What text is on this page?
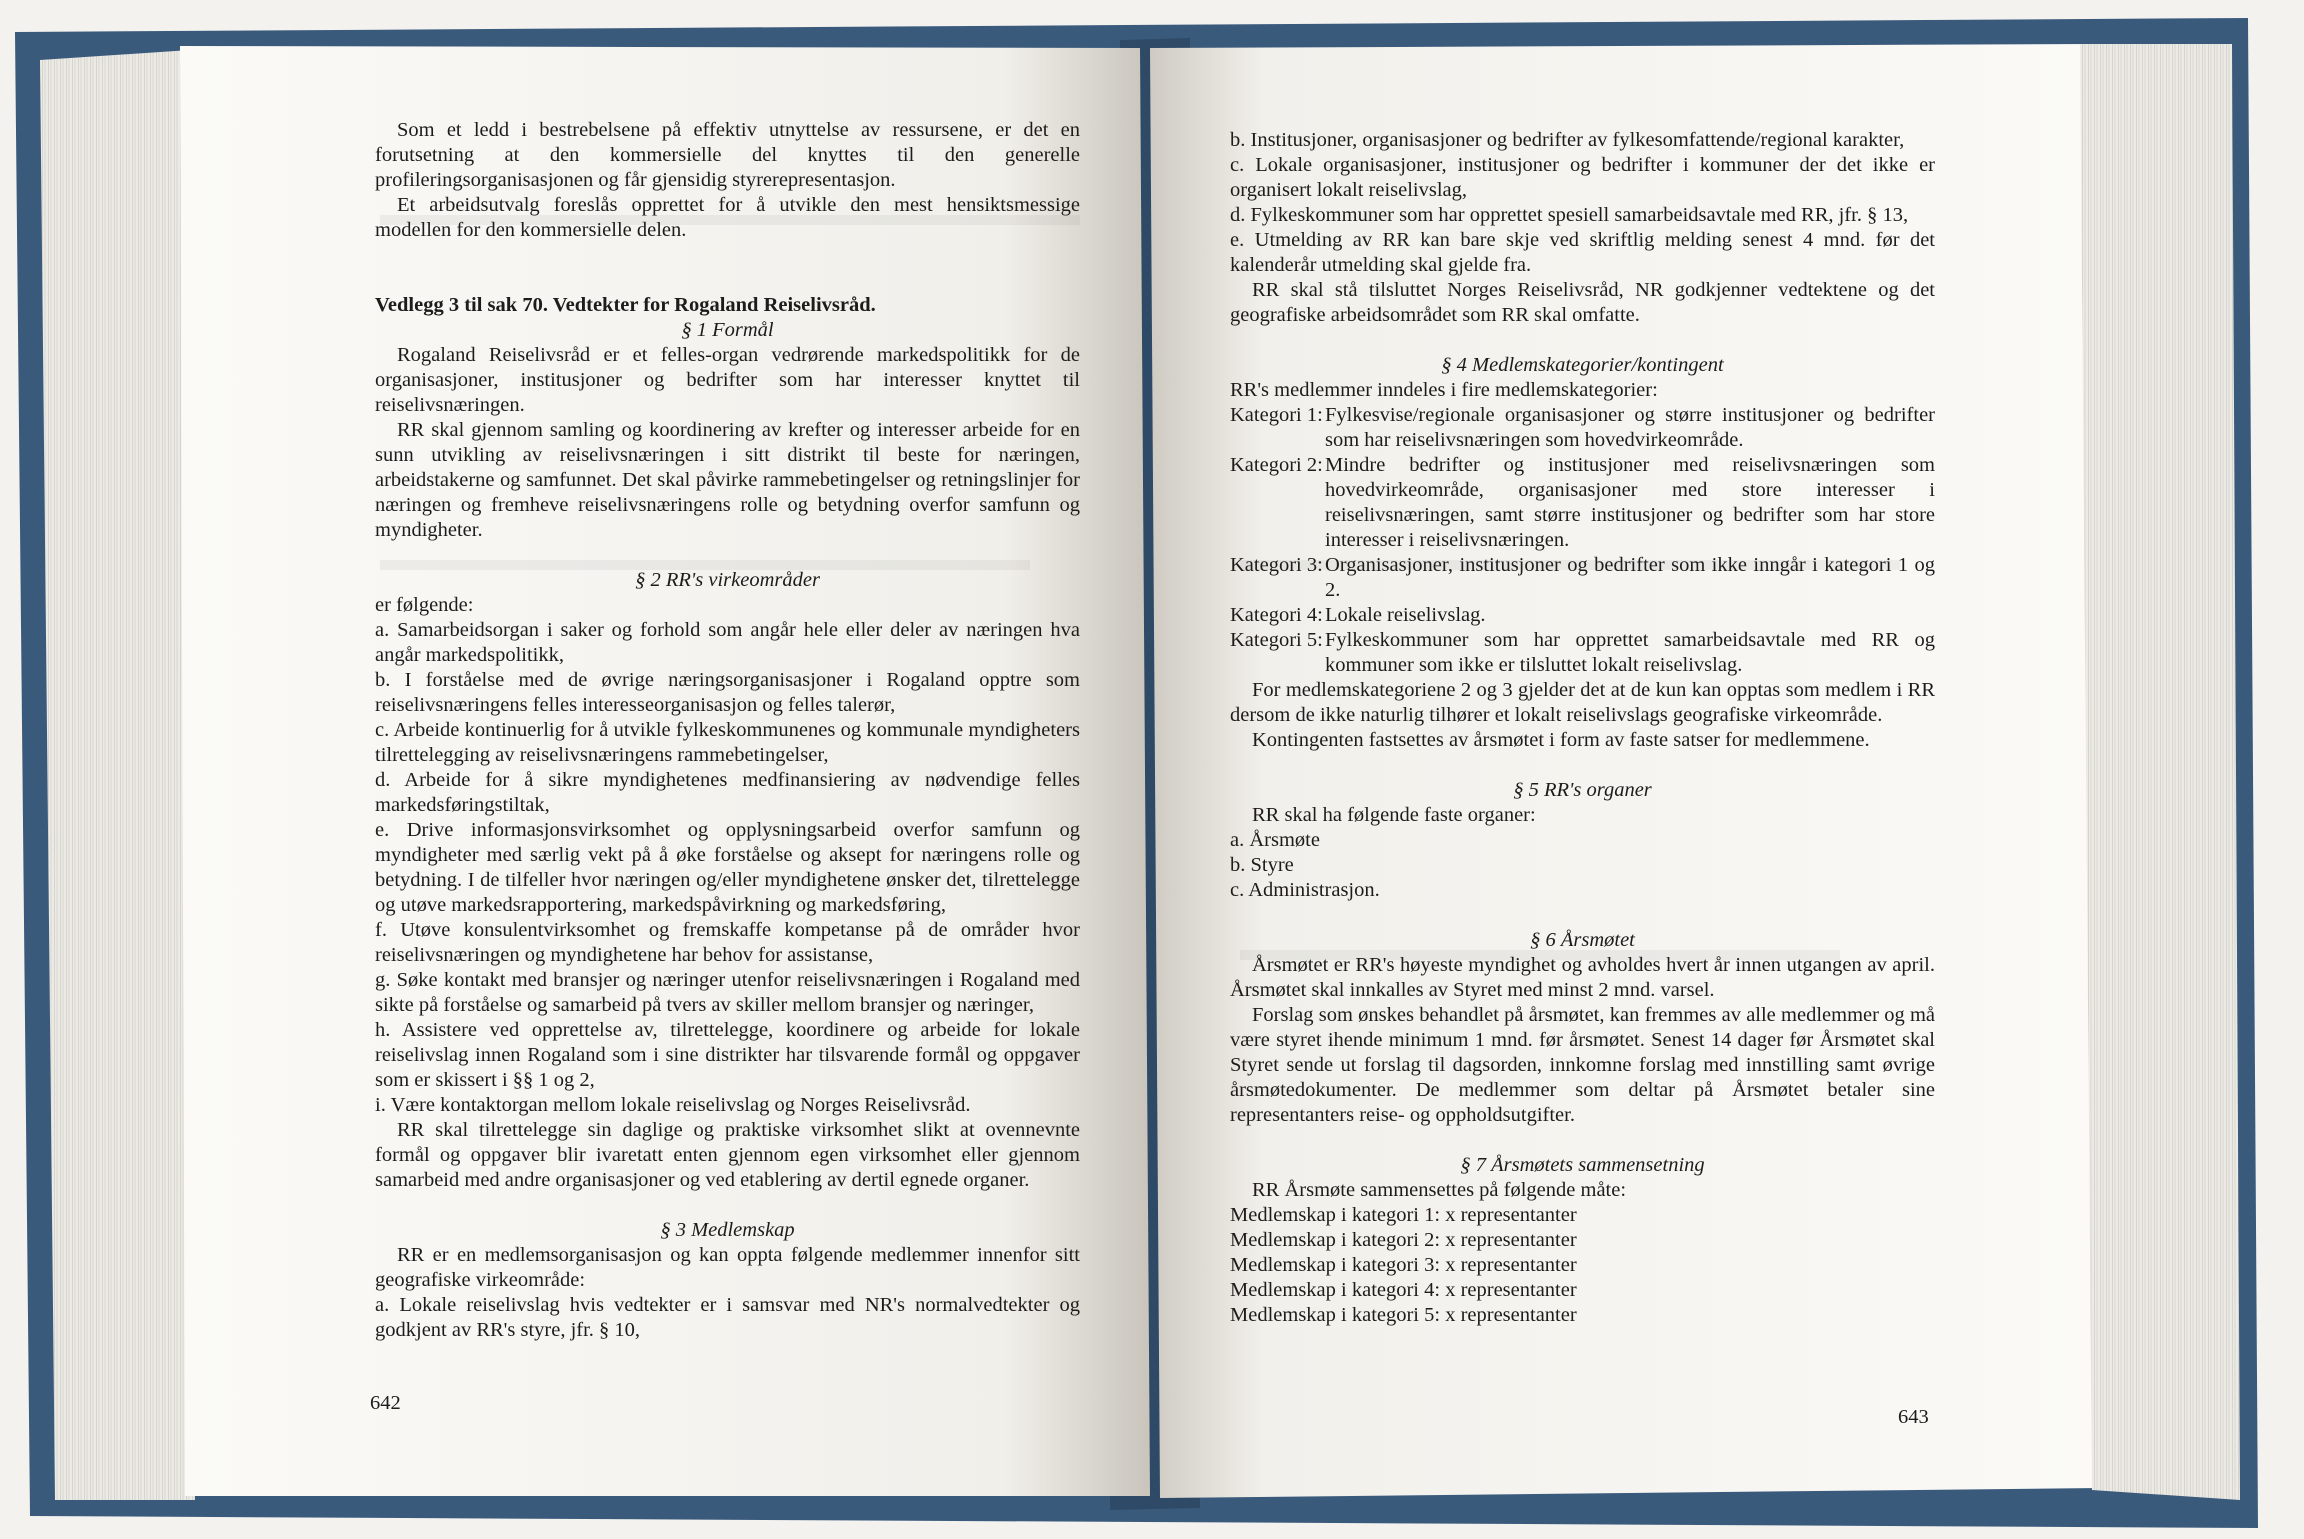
Som et ledd i bestrebelsene på effektiv utnyttelse av ressursene, er det en forutsetning at den kommersielle del knyttes til den generelle profileringsorganisasjonen og får gjensidig styrerepresentasjon.

Et arbeidsutvalg foreslås opprettet for å utvikle den mest hensiktsmessige modellen for den kommersielle delen.

Vedlegg 3 til sak 70. Vedtekter for Rogaland Reiselivsråd.
§ 1 Formål

Rogaland Reiselivsråd er et felles-organ vedrørende markedspolitikk for de organisasjoner, institusjoner og bedrifter som har interesser knyttet til reiselivsnæringen.

RR skal gjennom samling og koordinering av krefter og interesser arbeide for en sunn utvikling av reiselivsnæringen i sitt distrikt til beste for næringen, arbeidstakerne og samfunnet. Det skal påvirke rammebetingelser og retningslinjer for næringen og fremheve reiselivsnæringens rolle og betydning overfor samfunn og myndigheter.

§ 2 RR's virkeområder

er følgende:

a. Samarbeidsorgan i saker og forhold som angår hele eller deler av næringen hva angår markedspolitikk,

b. I forståelse med de øvrige næringsorganisasjoner i Rogaland opptre som reiselivsnæringens felles interesseorganisasjon og felles talerør,

c. Arbeide kontinuerlig for å utvikle fylkeskommunenes og kommunale myndigheters tilrettelegging av reiselivsnæringens rammebetingelser,

d. Arbeide for å sikre myndighetenes medfinansiering av nødvendige felles markedsføringstiltak,

e. Drive informasjonsvirksomhet og opplysningsarbeid overfor samfunn og myndigheter med særlig vekt på å øke forståelse og aksept for næringens rolle og betydning. I de tilfeller hvor næringen og/eller myndighetene ønsker det, tilrettelegge og utøve markedsrapportering, markedspåvirkning og markedsføring,

f. Utøve konsulentvirksomhet og fremskaffe kompetanse på de områder hvor reiselivsnæringen og myndighetene har behov for assistanse,

g. Søke kontakt med bransjer og næringer utenfor reiselivsnæringen i Rogaland med sikte på forståelse og samarbeid på tvers av skiller mellom bransjer og næringer,

h. Assistere ved opprettelse av, tilrettelegge, koordinere og arbeide for lokale reiselivslag innen Rogaland som i sine distrikter har tilsvarende formål og oppgaver som er skissert i §§ 1 og 2,

i. Være kontaktorgan mellom lokale reiselivslag og Norges Reiselivsråd.

RR skal tilrettelegge sin daglige og praktiske virksomhet slikt at ovennevnte formål og oppgaver blir ivaretatt enten gjennom egen virksomhet eller gjennom samarbeid med andre organisasjoner og ved etablering av dertil egnede organer.

§ 3 Medlemskap

RR er en medlemsorganisasjon og kan oppta følgende medlemmer innenfor sitt geografiske virkeområde:

a. Lokale reiselivslag hvis vedtekter er i samsvar med NR's normalvedtekter og godkjent av RR's styre, jfr. § 10,

642

b. Institusjoner, organisasjoner og bedrifter av fylkesomfattende/regional karakter,

c. Lokale organisasjoner, institusjoner og bedrifter i kommuner der det ikke er organisert lokalt reiselivslag,

d. Fylkeskommuner som har opprettet spesiell samarbeidsavtale med RR, jfr. § 13,

e. Utmelding av RR kan bare skje ved skriftlig melding senest 4 mnd. før det kalenderår utmelding skal gjelde fra.

RR skal stå tilsluttet Norges Reiselivsråd, NR godkjenner vedtektene og det geografiske arbeidsområdet som RR skal omfatte.

§ 4 Medlemskategorier/kontingent

RR's medlemmer inndeles i fire medlemskategorier:

Kategori 1: Fylkesvise/regionale organisasjoner og større institusjoner og bedrifter som har reiselivsnæringen som hovedvirkeområde.
Kategori 2: Mindre bedrifter og institusjoner med reiselivsnæringen som hovedvirkeområde, organisasjoner med store interesser i reiselivsnæringen, samt større institusjoner og bedrifter som har store interesser i reiselivsnæringen.
Kategori 3: Organisasjoner, institusjoner og bedrifter som ikke inngår i kategori 1 og 2.
Kategori 4: Lokale reiselivslag.
Kategori 5: Fylkeskommuner som har opprettet samarbeidsavtale med RR og kommuner som ikke er tilsluttet lokalt reiselivslag.

For medlemskategoriene 2 og 3 gjelder det at de kun kan opptas som medlem i RR dersom de ikke naturlig tilhører et lokalt reiselivslags geografiske virkeområde.

Kontingenten fastsettes av årsmøtet i form av faste satser for medlemmene.

§ 5 RR's organer

RR skal ha følgende faste organer:

a. Årsmøte

b. Styre

c. Administrasjon.

§ 6 Årsmøtet

Årsmøtet er RR's høyeste myndighet og avholdes hvert år innen utgangen av april. Årsmøtet skal innkalles av Styret med minst 2 mnd. varsel.

Forslag som ønskes behandlet på årsmøtet, kan fremmes av alle medlemmer og må være styret ihende minimum 1 mnd. før årsmøtet. Senest 14 dager før Årsmøtet skal Styret sende ut forslag til dagsorden, innkomne forslag med innstilling samt øvrige årsmøtedokumenter. De medlemmer som deltar på Årsmøtet betaler sine representanters reise- og oppholdsutgifter.

§ 7 Årsmøtets sammensetning

RR Årsmøte sammensettes på følgende måte:

Medlemskap i kategori 1: x representanter

Medlemskap i kategori 2: x representanter

Medlemskap i kategori 3: x representanter

Medlemskap i kategori 4: x representanter

Medlemskap i kategori 5: x representanter

643
